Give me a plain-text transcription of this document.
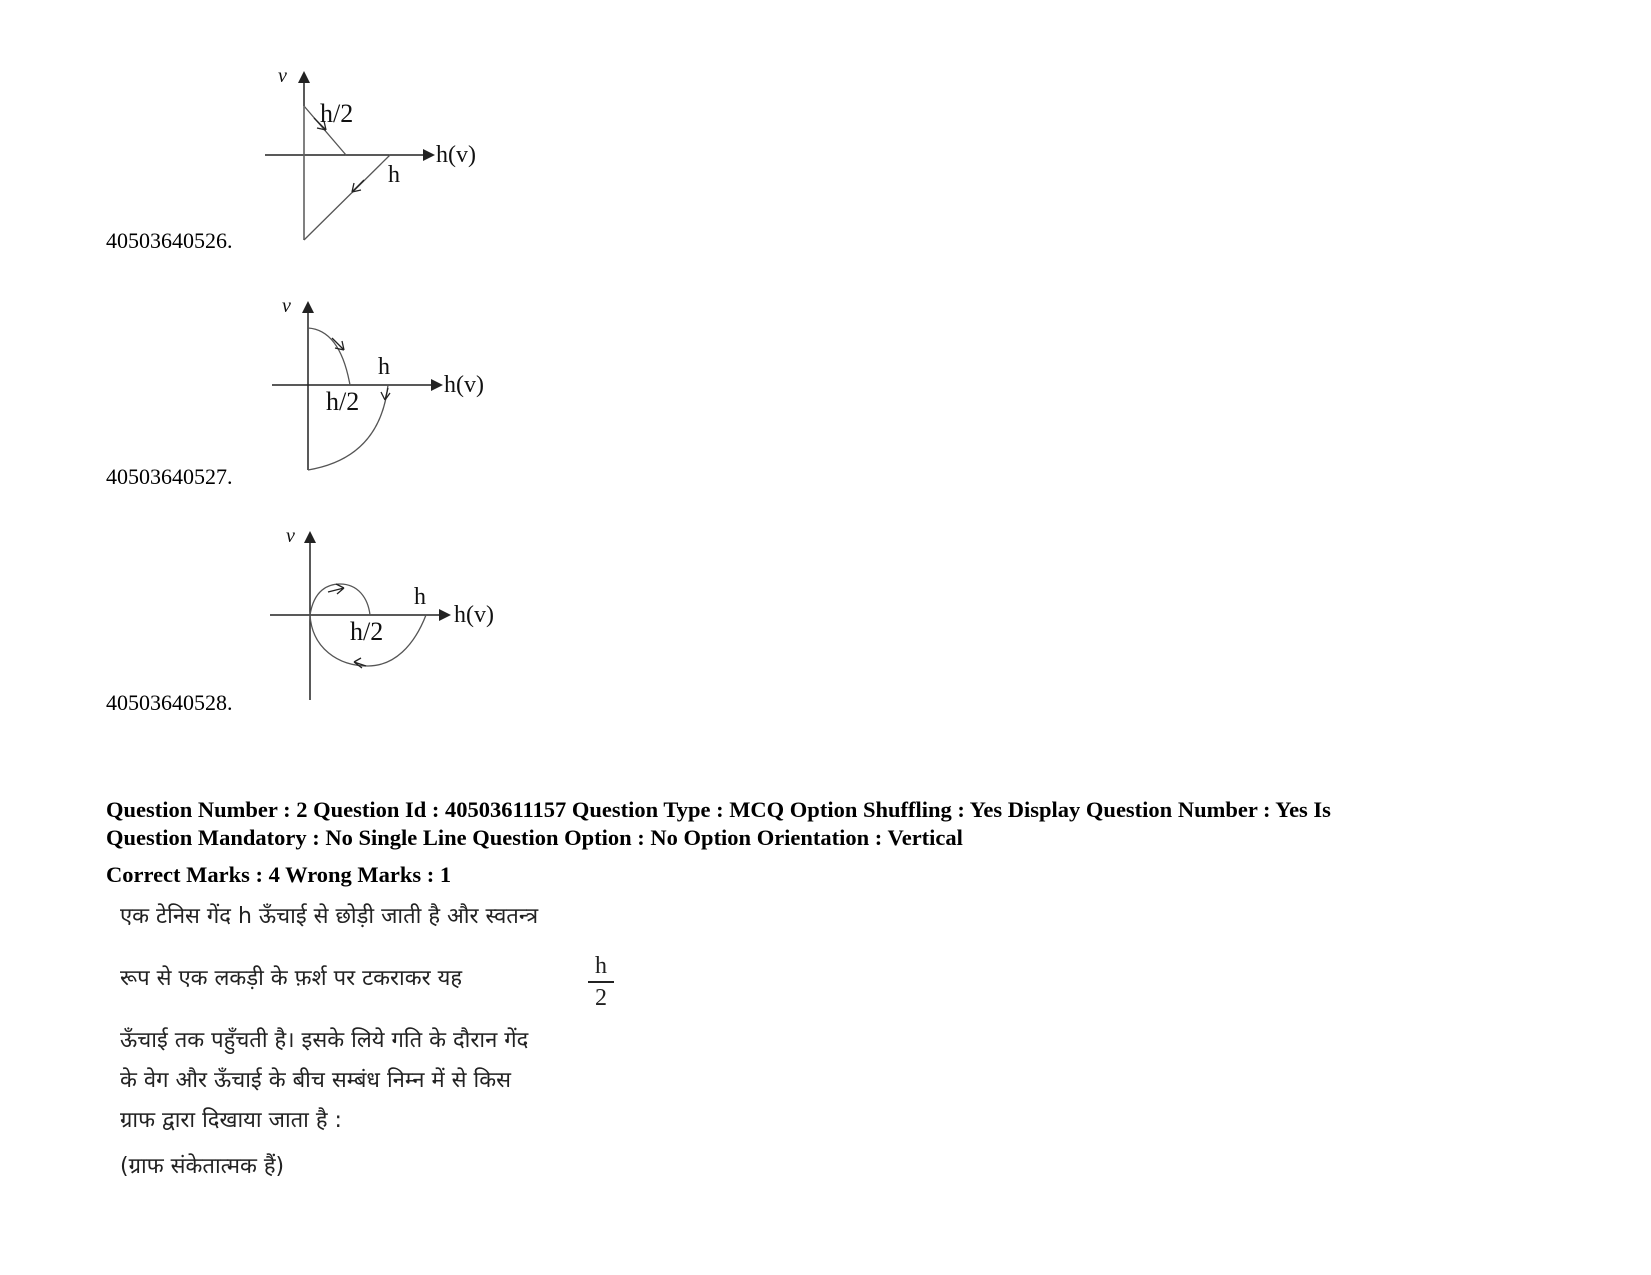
v
h/2
h
h(v)
40503640526.
v
h
h/2
h(v)
40503640527.
v
h
h/2
h(v)
40503640528.
Question Number : 2 Question Id : 40503611157 Question Type : MCQ Option Shuffling : Yes Display Question Number : Yes Is
Question Mandatory : No Single Line Question Option : No Option Orientation : Vertical
Correct Marks : 4 Wrong Marks : 1
एक टेनिस गेंद h ऊँचाई से छोड़ी जाती है और स्वतन्त्र
रूप से एक लकड़ी के फ़र्श पर टकराकर यह	h
2
ऊँचाई तक पहुँचती है। इसके लिये गति के दौरान गेंद
के वेग और ऊँचाई के बीच सम्बंध निम्न में से किस
ग्राफ द्वारा दिखाया जाता है :
(ग्राफ संकेतात्मक हैं)
